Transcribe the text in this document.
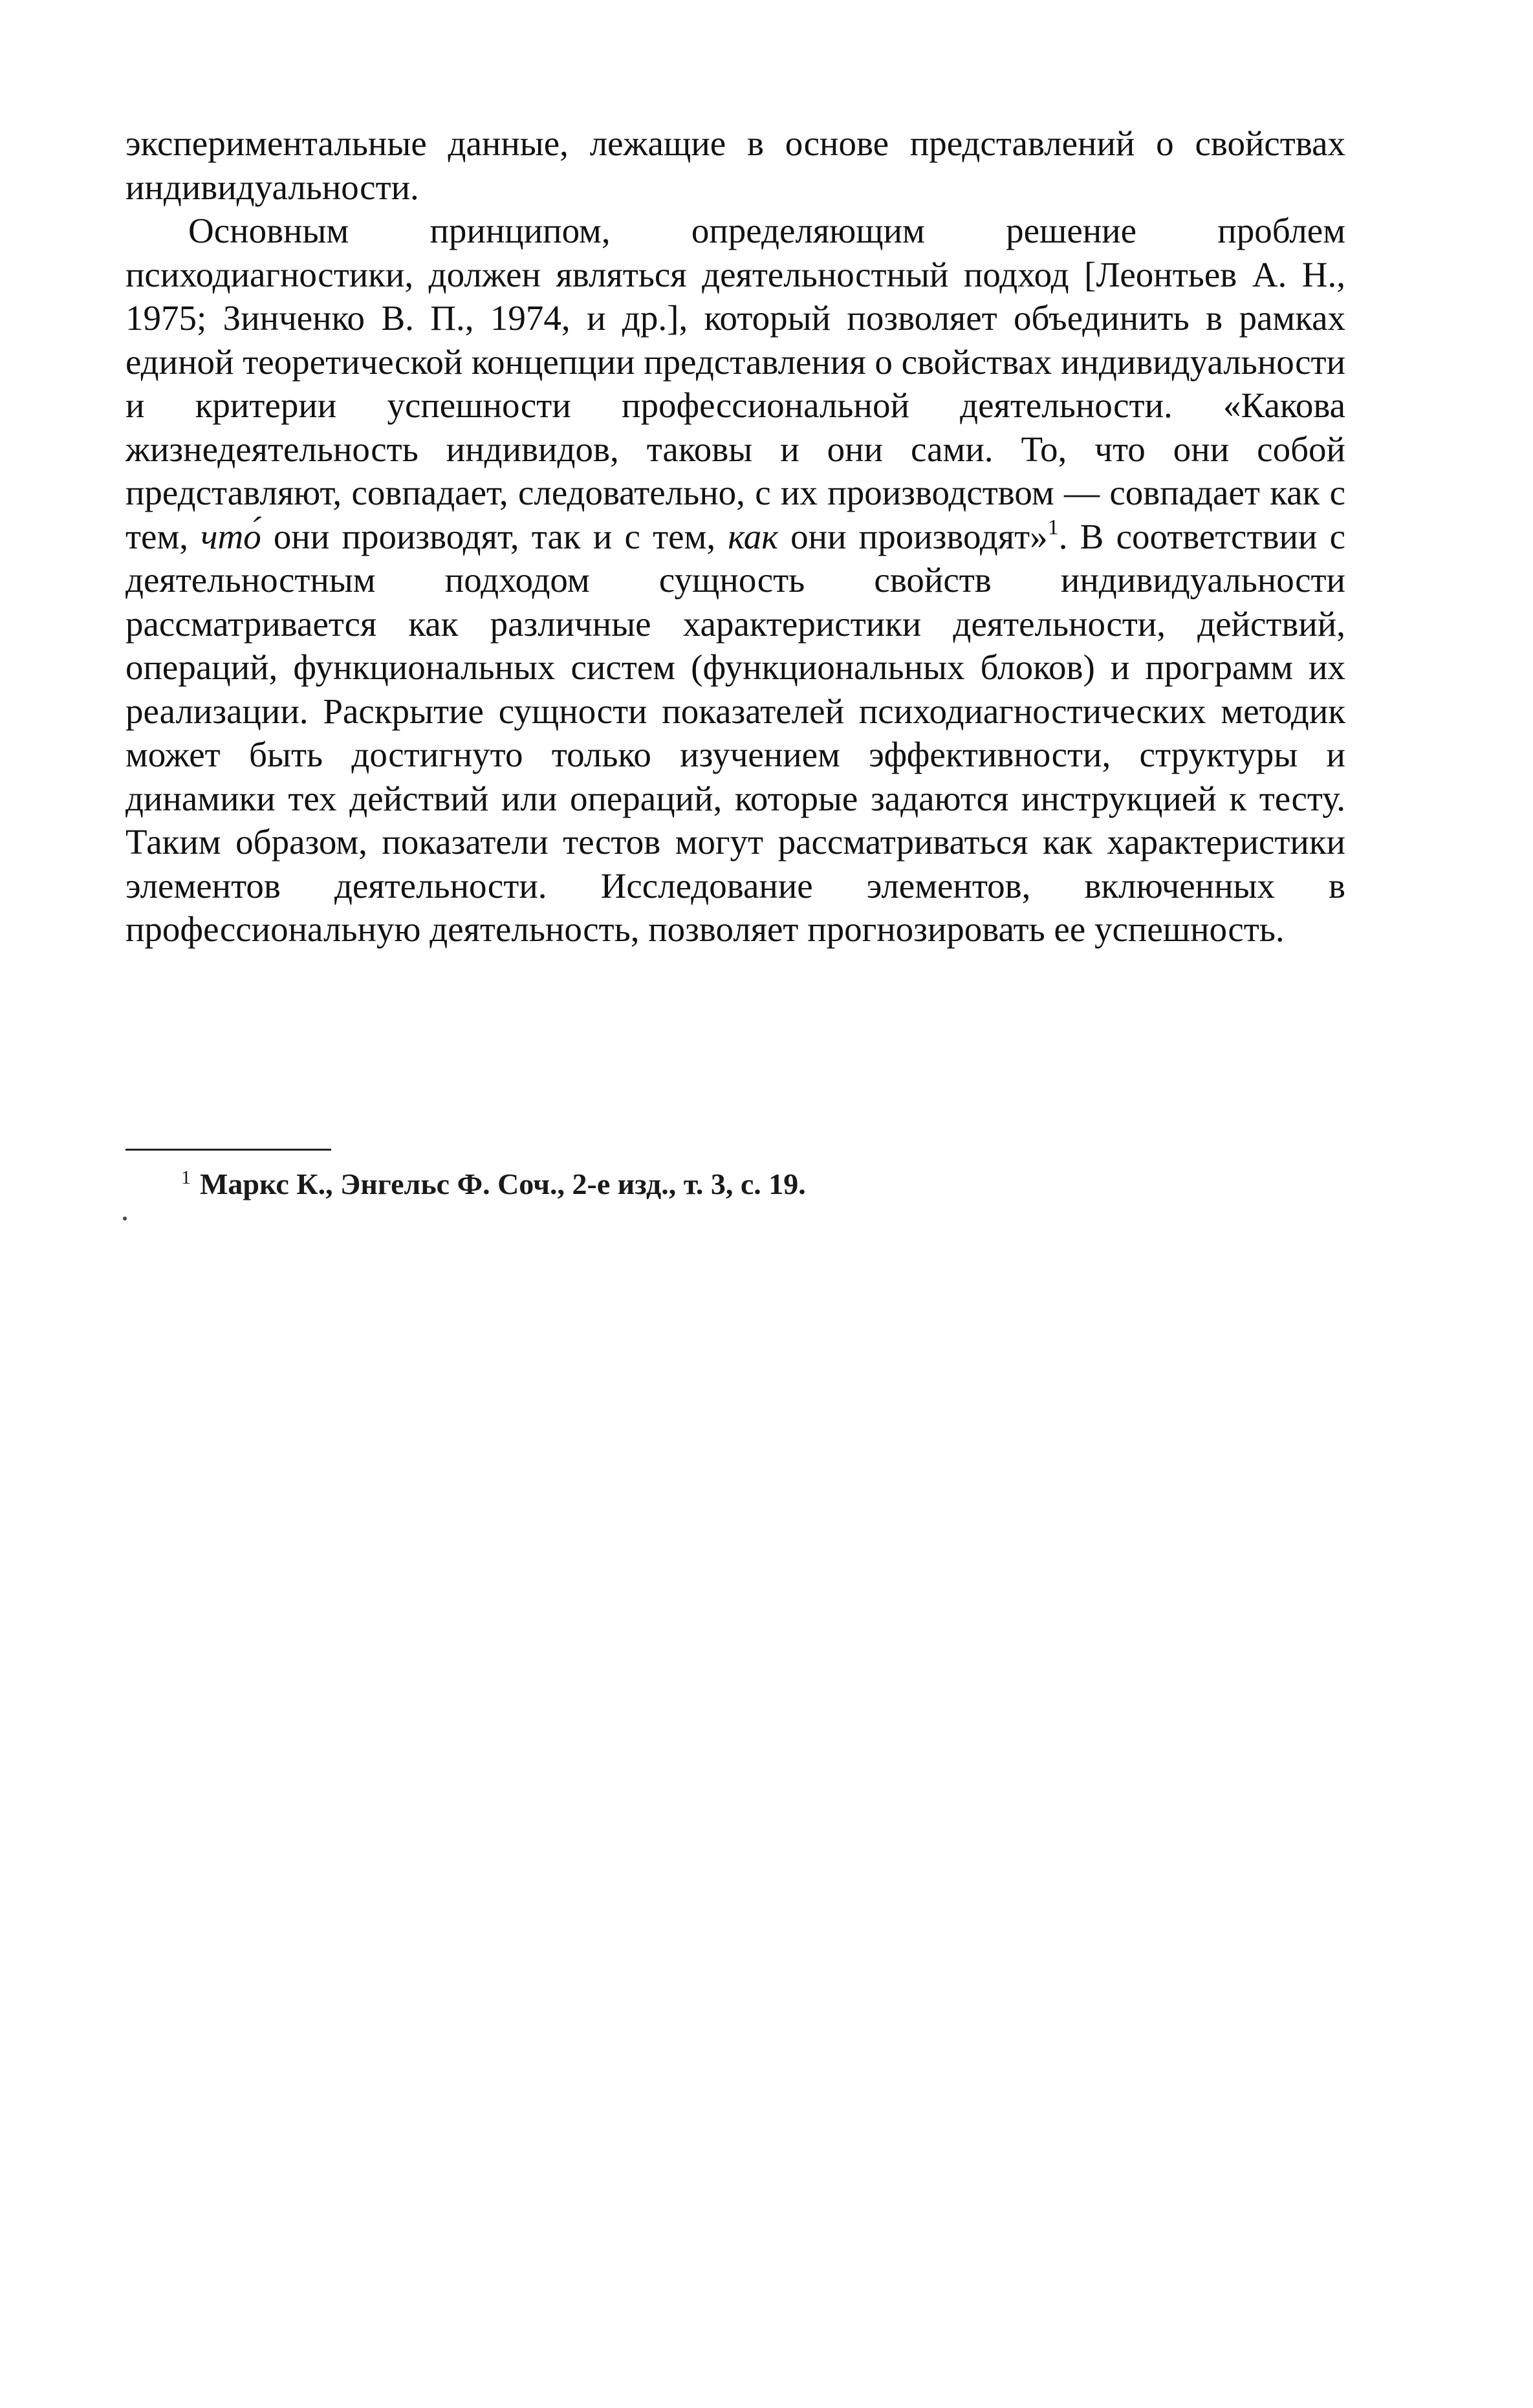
экспериментальные данные, лежащие в основе представлений о свойствах индивидуальности.

Основным принципом, определяющим решение проблем психодиагностики, должен являться деятельностный подход [Леонтьев А. Н., 1975; Зинченко В. П., 1974, и др.], который позволяет объединить в рамках единой теоретической концепции представления о свойствах индивидуальности и критерии успешности профессиональной деятельности. «Какова жизнедеятельность индивидов, таковы и они сами. То, что они собой представляют, совпадает, следовательно, с их производством — совпадает как с тем, что́ они производят, так и с тем, как они производят»$^1$. В соответствии с деятельностным подходом сущность свойств индивидуальности рассматривается как различные характеристики деятельности, действий, операций, функциональных систем (функциональных блоков) и программ их реализации. Раскрытие сущности показателей психодиагностических методик может быть достигнуто только изучением эффективности, структуры и динамики тех действий или операций, которые задаются инструкцией к тесту. Таким образом, показатели тестов могут рассматриваться как характеристики элементов деятельности. Исследование элементов, включенных в профессиональную деятельность, позволяет прогнозировать ее успешность.

$^1$ Маркс К., Энгельс Ф. Соч., 2-е изд., т. 3, с. 19.
